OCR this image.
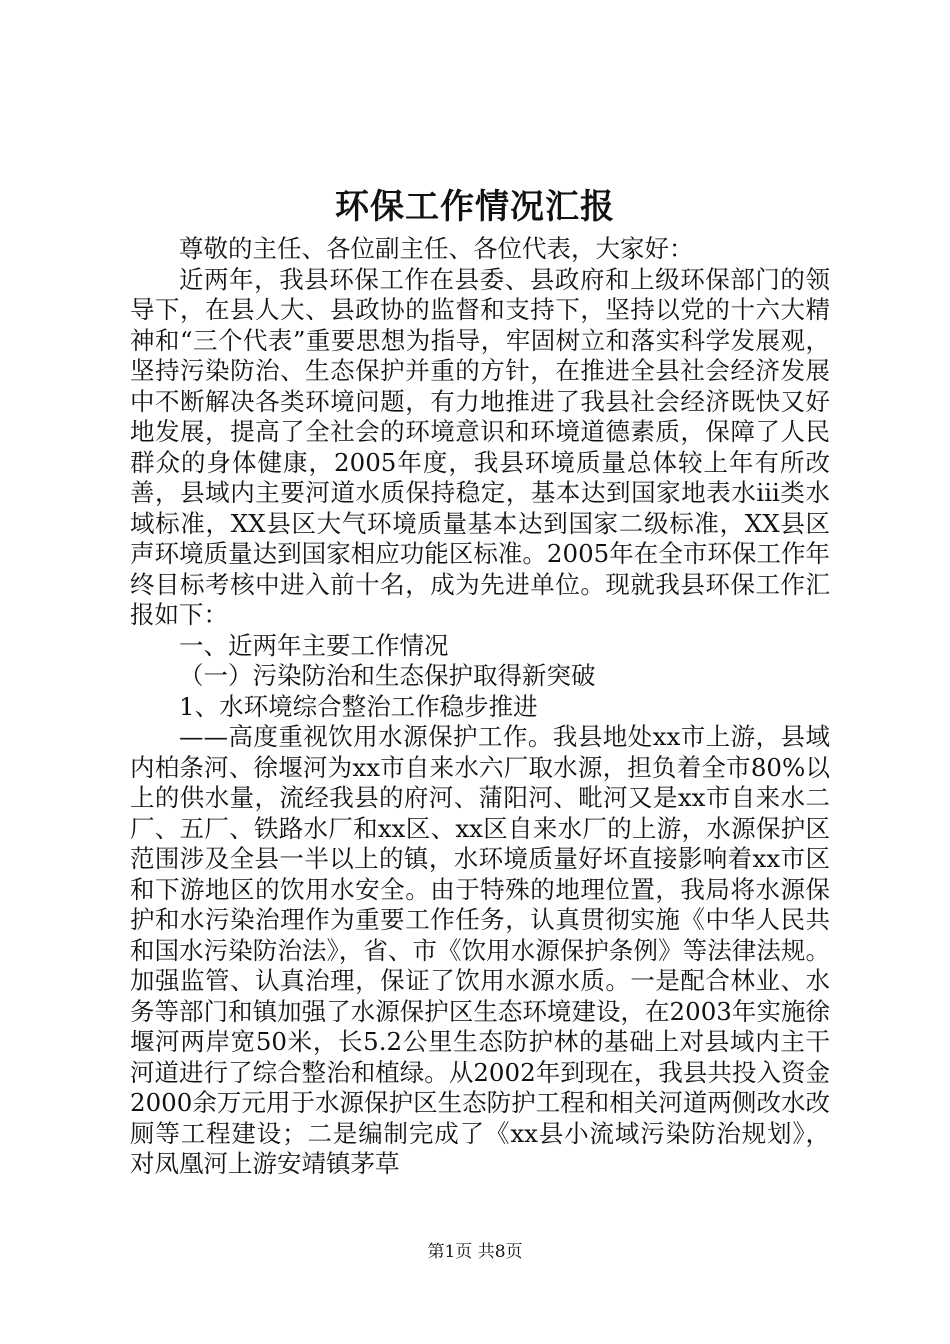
环保工作情况汇报

尊敬的主任、各位副主任、各位代表，大家好：

近两年，我县环保工作在县委、县政府和上级环保部门的领导下，在县人大、县政协的监督和支持下，坚持以党的十六大精神和“三个代表”重要思想为指导，牢固树立和落实科学发展观，坚持污染防治、生态保护并重的方针，在推进全县社会经济发展中不断解决各类环境问题，有力地推进了我县社会经济既快又好地发展，提高了全社会的环境意识和环境道德素质，保障了人民群众的身体健康，2005年度，我县环境质量总体较上年有所改善，县域内主要河道水质保持稳定，基本达到国家地表水iii类水域标准，XX县区大气环境质量基本达到国家二级标准，XX县区声环境质量达到国家相应功能区标准。2005年在全市环保工作年终目标考核中进入前十名，成为先进单位。现就我县环保工作汇报如下：

一、近两年主要工作情况

（一）污染防治和生态保护取得新突破

1、水环境综合整治工作稳步推进

——高度重视饮用水源保护工作。我县地处xx市上游，县域内柏条河、徐堰河为xx市自来水六厂取水源，担负着全市80%以上的供水量，流经我县的府河、蒲阳河、毗河又是xx市自来水二厂、五厂、铁路水厂和xx区、xx区自来水厂的上游，水源保护区范围涉及全县一半以上的镇，水环境质量好坏直接影响着xx市区和下游地区的饮用水安全。由于特殊的地理位置，我局将水源保护和水污染治理作为重要工作任务，认真贯彻实施《中华人民共和国水污染防治法》，省、市《饮用水源保护条例》等法律法规。加强监管、认真治理，保证了饮用水源水质。一是配合林业、水务等部门和镇加强了水源保护区生态环境建设，在2003年实施徐堰河两岸宽50米，长5.2公里生态防护林的基础上对县域内主干河道进行了综合整治和植绿。从2002年到现在，我县共投入资金2000余万元用于水源保护区生态防护工程和相关河道两侧改水改厕等工程建设；二是编制完成了《xx县小流域污染防治规划》，对凤凰河上游安靖镇茅草

第1页 共8页
